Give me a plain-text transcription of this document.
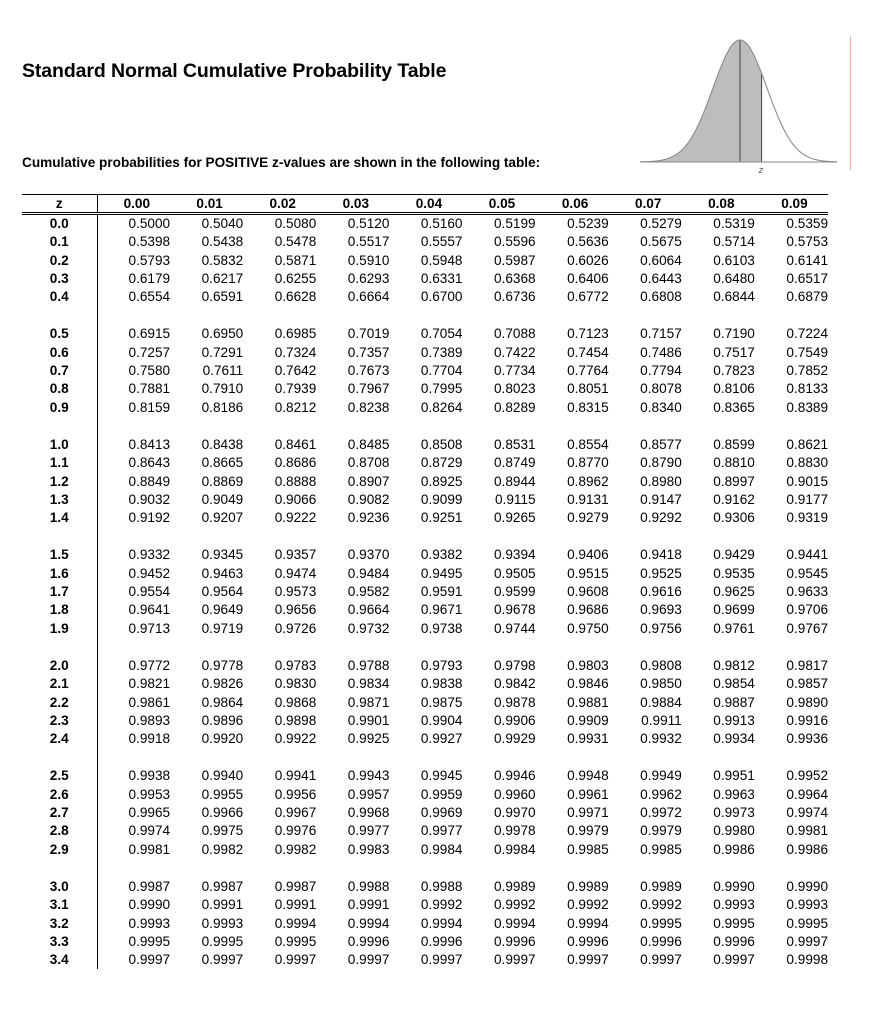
Standard Normal Cumulative Probability Table

Cumulative probabilities for POSITIVE z-values are shown in the following table:	z
z	0.00	0.01	0.02	0.03	0.04	0.05	0.06	0.07	0.08	0.09
0.0	0.5000	0.5040	0.5080	0.5120	0.5160	0.5199	0.5239	0.5279	0.5319	0.5359
0.1	0.5398	0.5438	0.5478	0.5517	0.5557	0.5596	0.5636	0.5675	0.5714	0.5753
0.2	0.5793	0.5832	0.5871	0.5910	0.5948	0.5987	0.6026	0.6064	0.6103	0.6141
0.3	0.6179	0.6217	0.6255	0.6293	0.6331	0.6368	0.6406	0.6443	0.6480	0.6517
0.4	0.6554	0.6591	0.6628	0.6664	0.6700	0.6736	0.6772	0.6808	0.6844	0.6879

0.5	0.6915	0.6950	0.6985	0.7019	0.7054	0.7088	0.7123	0.7157	0.7190	0.7224
0.6	0.7257	0.7291	0.7324	0.7357	0.7389	0.7422	0.7454	0.7486	0.7517	0.7549
0.7	0.7580	0.7611	0.7642	0.7673	0.7704	0.7734	0.7764	0.7794	0.7823	0.7852
0.8	0.7881	0.7910	0.7939	0.7967	0.7995	0.8023	0.8051	0.8078	0.8106	0.8133
0.9	0.8159	0.8186	0.8212	0.8238	0.8264	0.8289	0.8315	0.8340	0.8365	0.8389

1.0	0.8413	0.8438	0.8461	0.8485	0.8508	0.8531	0.8554	0.8577	0.8599	0.8621
1.1	0.8643	0.8665	0.8686	0.8708	0.8729	0.8749	0.8770	0.8790	0.8810	0.8830
1.2	0.8849	0.8869	0.8888	0.8907	0.8925	0.8944	0.8962	0.8980	0.8997	0.9015
1.3	0.9032	0.9049	0.9066	0.9082	0.9099	0.9115	0.9131	0.9147	0.9162	0.9177
1.4	0.9192	0.9207	0.9222	0.9236	0.9251	0.9265	0.9279	0.9292	0.9306	0.9319

1.5	0.9332	0.9345	0.9357	0.9370	0.9382	0.9394	0.9406	0.9418	0.9429	0.9441
1.6	0.9452	0.9463	0.9474	0.9484	0.9495	0.9505	0.9515	0.9525	0.9535	0.9545
1.7	0.9554	0.9564	0.9573	0.9582	0.9591	0.9599	0.9608	0.9616	0.9625	0.9633
1.8	0.9641	0.9649	0.9656	0.9664	0.9671	0.9678	0.9686	0.9693	0.9699	0.9706
1.9	0.9713	0.9719	0.9726	0.9732	0.9738	0.9744	0.9750	0.9756	0.9761	0.9767

2.0	0.9772	0.9778	0.9783	0.9788	0.9793	0.9798	0.9803	0.9808	0.9812	0.9817
2.1	0.9821	0.9826	0.9830	0.9834	0.9838	0.9842	0.9846	0.9850	0.9854	0.9857
2.2	0.9861	0.9864	0.9868	0.9871	0.9875	0.9878	0.9881	0.9884	0.9887	0.9890
2.3	0.9893	0.9896	0.9898	0.9901	0.9904	0.9906	0.9909	0.9911	0.9913	0.9916
2.4	0.9918	0.9920	0.9922	0.9925	0.9927	0.9929	0.9931	0.9932	0.9934	0.9936

2.5	0.9938	0.9940	0.9941	0.9943	0.9945	0.9946	0.9948	0.9949	0.9951	0.9952
2.6	0.9953	0.9955	0.9956	0.9957	0.9959	0.9960	0.9961	0.9962	0.9963	0.9964
2.7	0.9965	0.9966	0.9967	0.9968	0.9969	0.9970	0.9971	0.9972	0.9973	0.9974
2.8	0.9974	0.9975	0.9976	0.9977	0.9977	0.9978	0.9979	0.9979	0.9980	0.9981
2.9	0.9981	0.9982	0.9982	0.9983	0.9984	0.9984	0.9985	0.9985	0.9986	0.9986

3.0	0.9987	0.9987	0.9987	0.9988	0.9988	0.9989	0.9989	0.9989	0.9990	0.9990
3.1	0.9990	0.9991	0.9991	0.9991	0.9992	0.9992	0.9992	0.9992	0.9993	0.9993
3.2	0.9993	0.9993	0.9994	0.9994	0.9994	0.9994	0.9994	0.9995	0.9995	0.9995
3.3	0.9995	0.9995	0.9995	0.9996	0.9996	0.9996	0.9996	0.9996	0.9996	0.9997
3.4	0.9997	0.9997	0.9997	0.9997	0.9997	0.9997	0.9997	0.9997	0.9997	0.9998
